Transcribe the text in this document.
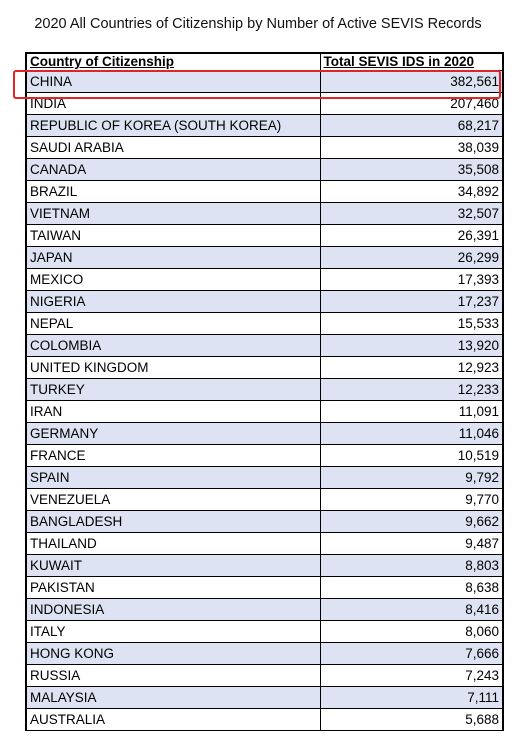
2020 All Countries of Citizenship by Number of Active SEVIS Records
Country of Citizenship	Total SEVIS IDS in 2020
CHINA	382,561
INDIA	207,460
REPUBLIC OF KOREA (SOUTH KOREA)	68,217
SAUDI ARABIA	38,039
CANADA	35,508
BRAZIL	34,892
VIETNAM	32,507
TAIWAN	26,391
JAPAN	26,299
MEXICO	17,393
NIGERIA	17,237
NEPAL	15,533
COLOMBIA	13,920
UNITED KINGDOM	12,923
TURKEY	12,233
IRAN	11,091
GERMANY	11,046
FRANCE	10,519
SPAIN	9,792
VENEZUELA	9,770
BANGLADESH	9,662
THAILAND	9,487
KUWAIT	8,803
PAKISTAN	8,638
INDONESIA	8,416
ITALY	8,060
HONG KONG	7,666
RUSSIA	7,243
MALAYSIA	7,111
AUSTRALIA	5,688
